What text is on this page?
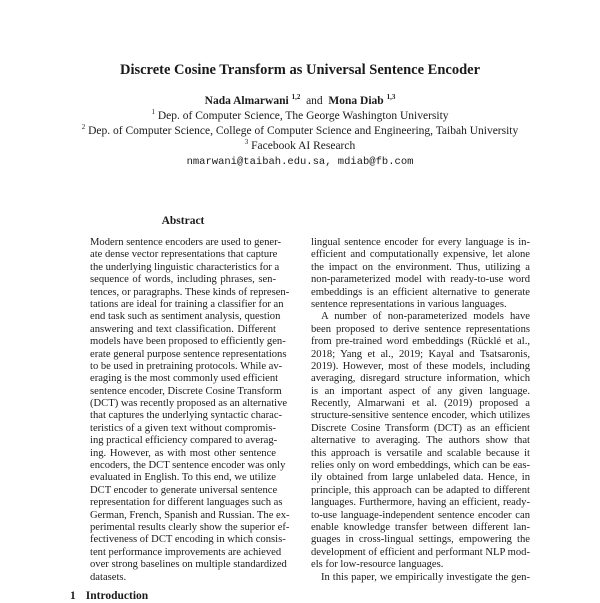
Discrete Cosine Transform as Universal Sentence Encoder
Nada Almarwani $^{1,2}$ and Mona Diab $^{1,3}$
$^1$ Dep. of Computer Science, The George Washington University
$^2$ Dep. of Computer Science, College of Computer Science and Engineering, Taibah University
$^3$ Facebook AI Research
nmarwani@taibah.edu.sa, mdiab@fb.com
Abstract
Modern sentence encoders are used to gener-
ate dense vector representations that capture
the underlying linguistic characteristics for a
sequence of words, including phrases, sen-
tences, or paragraphs. These kinds of represen-
tations are ideal for training a classifier for an
end task such as sentiment analysis, question
answering and text classification. Different
models have been proposed to efficiently gen-
erate general purpose sentence representations
to be used in pretraining protocols. While av-
eraging is the most commonly used efficient
sentence encoder, Discrete Cosine Transform
(DCT) was recently proposed as an alternative
that captures the underlying syntactic charac-
teristics of a given text without compromis-
ing practical efficiency compared to averag-
ing. However, as with most other sentence
encoders, the DCT sentence encoder was only
evaluated in English. To this end, we utilize
DCT encoder to generate universal sentence
representation for different languages such as
German, French, Spanish and Russian. The ex-
perimental results clearly show the superior ef-
fectiveness of DCT encoding in which consis-
tent performance improvements are achieved
over strong baselines on multiple standardized
datasets.
1 Introduction
lingual sentence encoder for every language is in-
efficient and computationally expensive, let alone
the impact on the environment. Thus, utilizing a
non-parameterized model with ready-to-use word
embeddings is an efficient alternative to generate
sentence representations in various languages.
A number of non-parameterized models have
been proposed to derive sentence representations
from pre-trained word embeddings (Rücklé et al.,
2018; Yang et al., 2019; Kayal and Tsatsaronis,
2019). However, most of these models, including
averaging, disregard structure information, which
is an important aspect of any given language.
Recently, Almarwani et al. (2019) proposed a
structure-sensitive sentence encoder, which utilizes
Discrete Cosine Transform (DCT) as an efficient
alternative to averaging. The authors show that
this approach is versatile and scalable because it
relies only on word embeddings, which can be eas-
ily obtained from large unlabeled data. Hence, in
principle, this approach can be adapted to different
languages. Furthermore, having an efficient, ready-
to-use language-independent sentence encoder can
enable knowledge transfer between different lan-
guages in cross-lingual settings, empowering the
development of efficient and performant NLP mod-
els for low-resource languages.
In this paper, we empirically investigate the gen-
